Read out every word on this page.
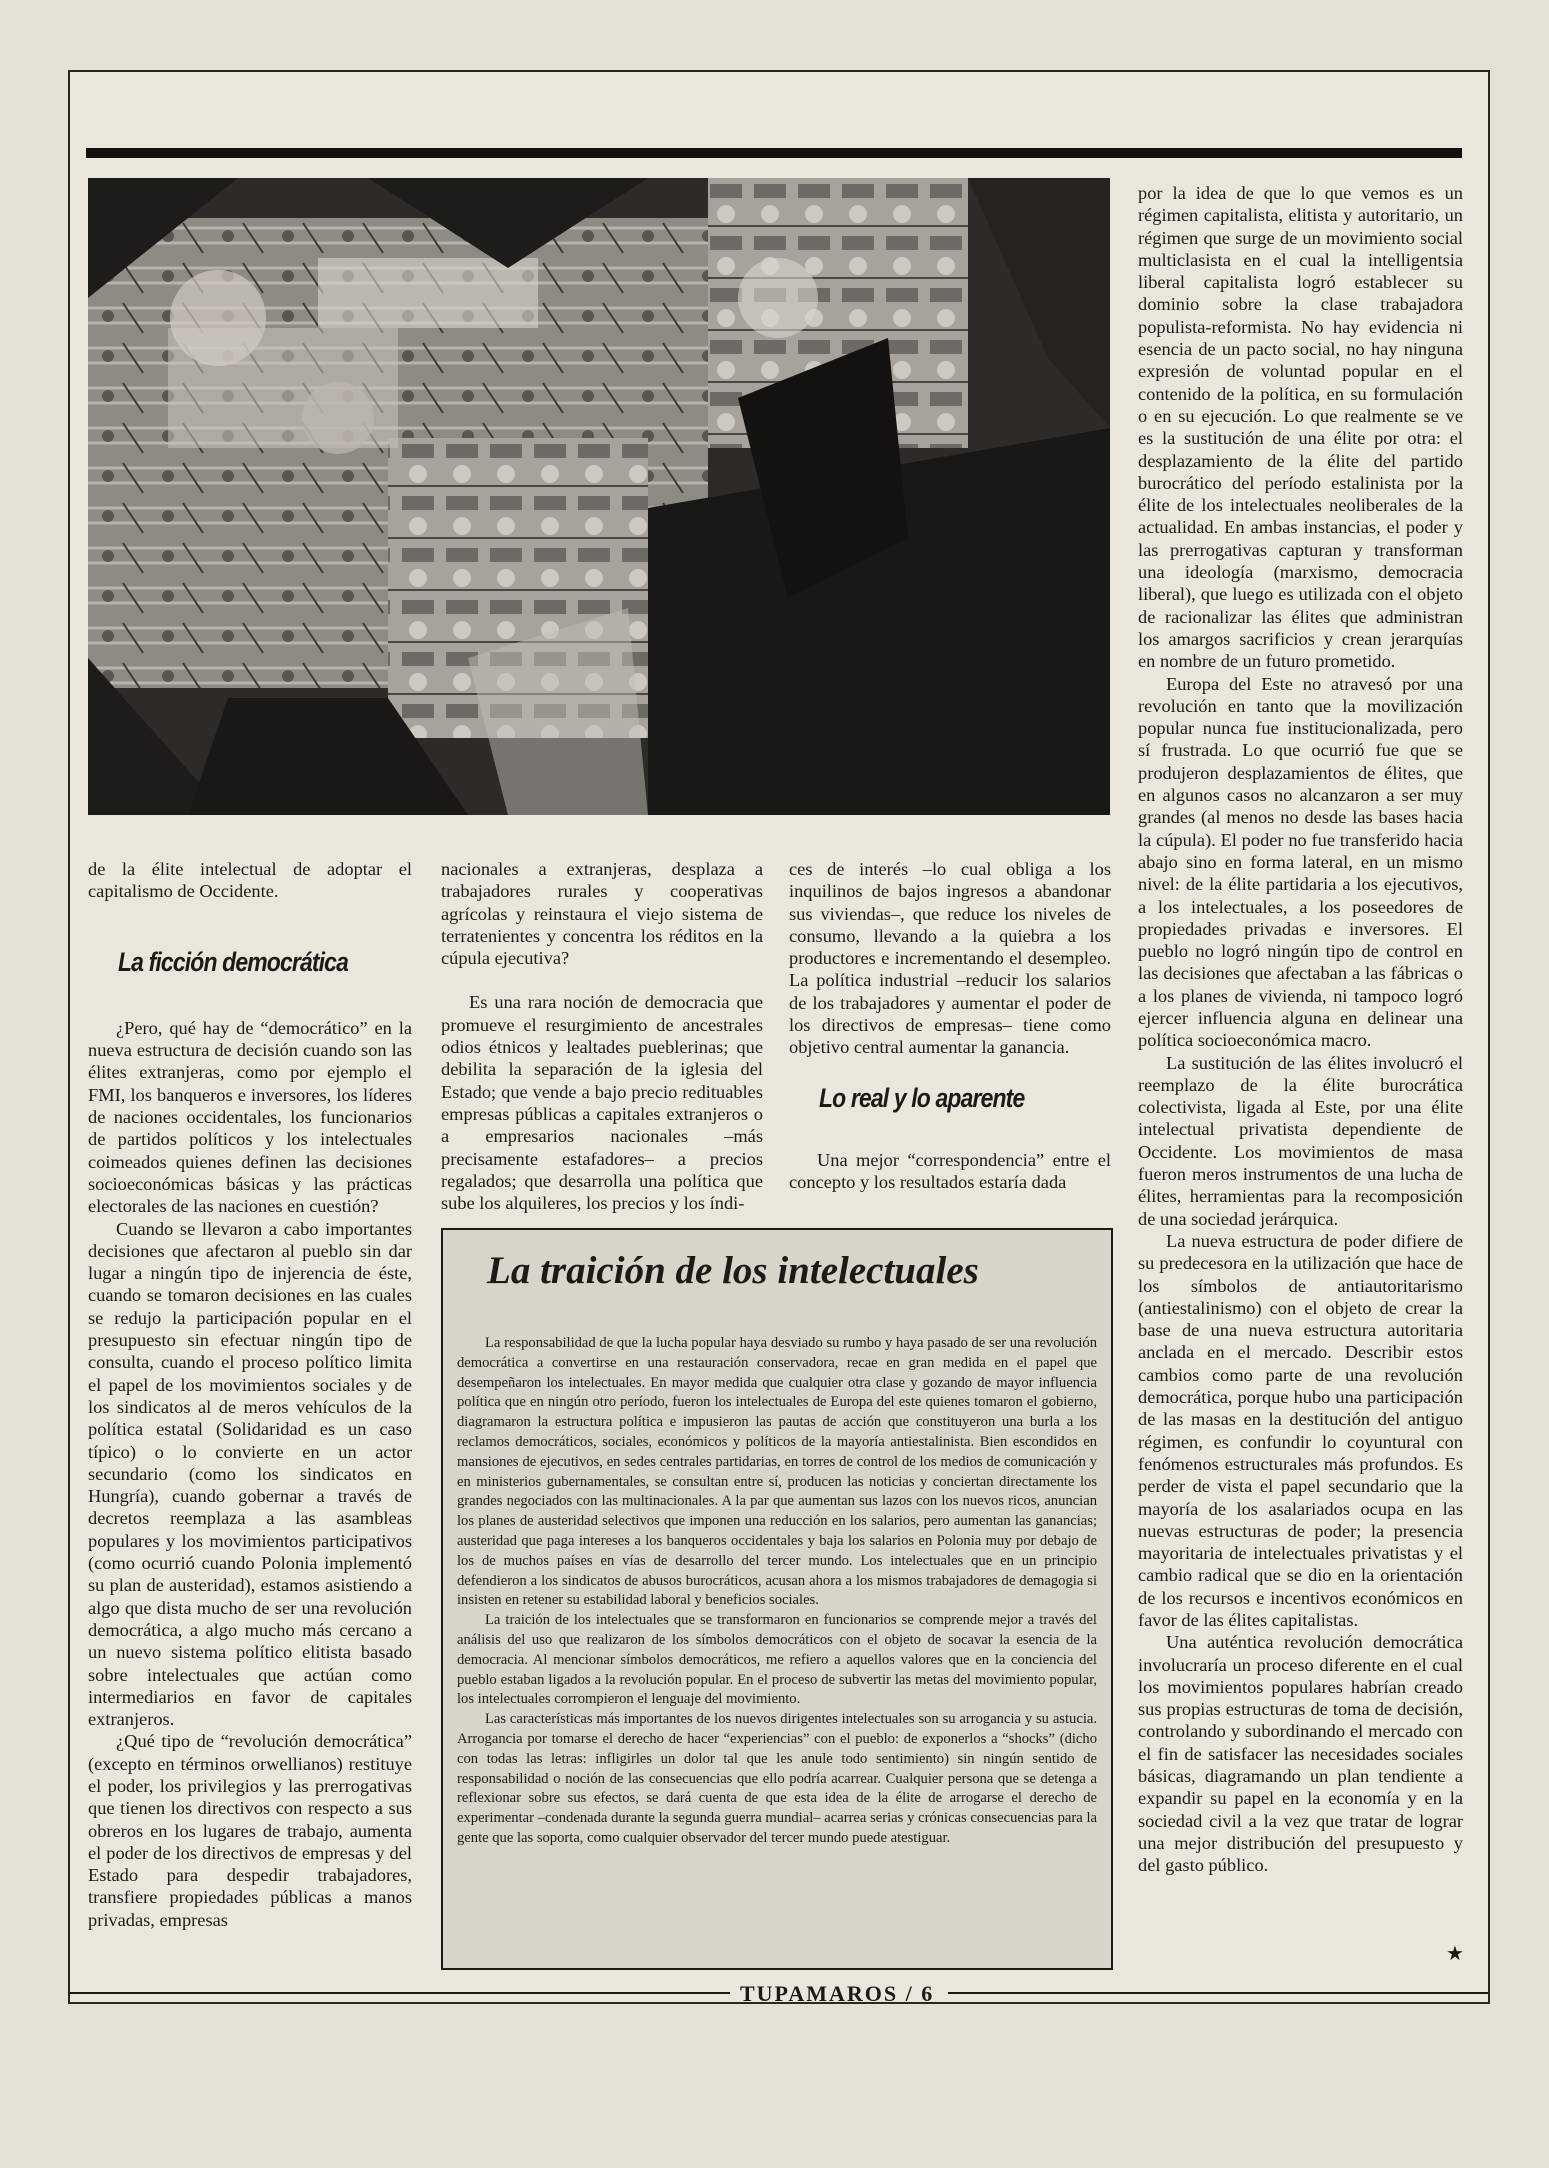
de la élite intelectual de adoptar el capitalismo de Occidente.

La ficción democrática

¿Pero, qué hay de “democrático” en la nueva estructura de decisión cuando son las élites extranjeras, como por ejemplo el FMI, los banqueros e inversores, los líderes de naciones occidentales, los funcionarios de partidos políticos y los intelectuales coimeados quienes definen las decisiones socioeconómicas básicas y las prácticas electorales de las naciones en cuestión?

Cuando se llevaron a cabo importantes decisiones que afectaron al pueblo sin dar lugar a ningún tipo de injerencia de éste, cuando se tomaron decisiones en las cuales se redujo la participación popular en el presupuesto sin efectuar ningún tipo de consulta, cuando el proceso político limita el papel de los movimientos sociales y de los sindicatos al de meros vehículos de la política estatal (Solidaridad es un caso típico) o lo convierte en un actor secundario (como los sindicatos en Hungría), cuando gobernar a través de decretos reemplaza a las asambleas populares y los movimientos participativos (como ocurrió cuando Polonia implementó su plan de austeridad), estamos asistiendo a algo que dista mucho de ser una revolución democrática, a algo mucho más cercano a un nuevo sistema político elitista basado sobre intelectuales que actúan como intermediarios en favor de capitales extranjeros.

¿Qué tipo de “revolución democrática” (excepto en términos orwellianos) restituye el poder, los privilegios y las prerrogativas que tienen los directivos con respecto a sus obreros en los lugares de trabajo, aumenta el poder de los directivos de empresas y del Estado para despedir trabajadores, transfiere propiedades públicas a manos privadas, empresas

nacionales a extranjeras, desplaza a trabajadores rurales y cooperativas agrícolas y reinstaura el viejo sistema de terratenientes y concentra los réditos en la cúpula ejecutiva?

Es una rara noción de democracia que promueve el resurgimiento de ancestrales odios étnicos y lealtades pueblerinas; que debilita la separación de la iglesia del Estado; que vende a bajo precio redituables empresas públicas a capitales extranjeros o a empresarios nacionales –más precisamente estafadores– a precios regalados; que desarrolla una política que sube los alquileres, los precios y los índi-

ces de interés –lo cual obliga a los inquilinos de bajos ingresos a abandonar sus viviendas–, que reduce los niveles de consumo, llevando a la quiebra a los productores e incrementando el desempleo. La política industrial –reducir los salarios de los trabajadores y aumentar el poder de los directivos de empresas– tiene como objetivo central aumentar la ganancia.

Lo real y lo aparente

Una mejor “correspondencia” entre el concepto y los resultados estaría dada

por la idea de que lo que vemos es un régimen capitalista, elitista y autoritario, un régimen que surge de un movimiento social multiclasista en el cual la intelligentsia liberal capitalista logró establecer su dominio sobre la clase trabajadora populista-reformista. No hay evidencia ni esencia de un pacto social, no hay ninguna expresión de voluntad popular en el contenido de la política, en su formulación o en su ejecución. Lo que realmente se ve es la sustitución de una élite por otra: el desplazamiento de la élite del partido burocrático del período estalinista por la élite de los intelectuales neoliberales de la actualidad. En ambas instancias, el poder y las prerrogativas capturan y transforman una ideología (marxismo, democracia liberal), que luego es utilizada con el objeto de racionalizar las élites que administran los amargos sacrificios y crean jerarquías en nombre de un futuro prometido.

Europa del Este no atravesó por una revolución en tanto que la movilización popular nunca fue institucionalizada, pero sí frustrada. Lo que ocurrió fue que se produjeron desplazamientos de élites, que en algunos casos no alcanzaron a ser muy grandes (al menos no desde las bases hacia la cúpula). El poder no fue transferido hacia abajo sino en forma lateral, en un mismo nivel: de la élite partidaria a los ejecutivos, a los intelectuales, a los poseedores de propiedades privadas e inversores. El pueblo no logró ningún tipo de control en las decisiones que afectaban a las fábricas o a los planes de vivienda, ni tampoco logró ejercer influencia alguna en delinear una política socioeconómica macro.

La sustitución de las élites involucró el reemplazo de la élite burocrática colectivista, ligada al Este, por una élite intelectual privatista dependiente de Occidente. Los movimientos de masa fueron meros instrumentos de una lucha de élites, herramientas para la recomposición de una sociedad jerárquica.

La nueva estructura de poder difiere de su predecesora en la utilización que hace de los símbolos de antiautoritarismo (antiestalinismo) con el objeto de crear la base de una nueva estructura autoritaria anclada en el mercado. Describir estos cambios como parte de una revolución democrática, porque hubo una participación de las masas en la destitución del antiguo régimen, es confundir lo coyuntural con fenómenos estructurales más profundos. Es perder de vista el papel secundario que la mayoría de los asalariados ocupa en las nuevas estructuras de poder; la presencia mayoritaria de intelectuales privatistas y el cambio radical que se dio en la orientación de los recursos e incentivos económicos en favor de las élites capitalistas.

Una auténtica revolución democrática involucraría un proceso diferente en el cual los movimientos populares habrían creado sus propias estructuras de toma de decisión, controlando y subordinando el mercado con el fin de satisfacer las necesidades sociales básicas, diagramando un plan tendiente a expandir su papel en la economía y en la sociedad civil a la vez que tratar de lograr una mejor distribución del presupuesto y del gasto público.

★
La traición de los intelectuales

La responsabilidad de que la lucha popular haya desviado su rumbo y haya pasado de ser una revolución democrática a convertirse en una restauración conservadora, recae en gran medida en el papel que desempeñaron los intelectuales. En mayor medida que cualquier otra clase y gozando de mayor influencia política que en ningún otro período, fueron los intelectuales de Europa del este quienes tomaron el gobierno, diagramaron la estructura política e impusieron las pautas de acción que constituyeron una burla a los reclamos democráticos, sociales, económicos y políticos de la mayoría antiestalinista. Bien escondidos en mansiones de ejecutivos, en sedes centrales partidarias, en torres de control de los medios de comunicación y en ministerios gubernamentales, se consultan entre sí, producen las noticias y conciertan directamente los grandes negociados con las multinacionales. A la par que aumentan sus lazos con los nuevos ricos, anuncian los planes de austeridad selectivos que imponen una reducción en los salarios, pero aumentan las ganancias; austeridad que paga intereses a los banqueros occidentales y baja los salarios en Polonia muy por debajo de los de muchos países en vías de desarrollo del tercer mundo. Los intelectuales que en un principio defendieron a los sindicatos de abusos burocráticos, acusan ahora a los mismos trabajadores de demagogia si insisten en retener su estabilidad laboral y beneficios sociales.

La traición de los intelectuales que se transformaron en funcionarios se comprende mejor a través del análisis del uso que realizaron de los símbolos democráticos con el objeto de socavar la esencia de la democracia. Al mencionar símbolos democráticos, me refiero a aquellos valores que en la conciencia del pueblo estaban ligados a la revolución popular. En el proceso de subvertir las metas del movimiento popular, los intelectuales corrompieron el lenguaje del movimiento.

Las características más importantes de los nuevos dirigentes intelectuales son su arrogancia y su astucia. Arrogancia por tomarse el derecho de hacer “experiencias” con el pueblo: de exponerlos a “shocks” (dicho con todas las letras: infligirles un dolor tal que les anule todo sentimiento) sin ningún sentido de responsabilidad o noción de las consecuencias que ello podría acarrear. Cualquier persona que se detenga a reflexionar sobre sus efectos, se dará cuenta de que esta idea de la élite de arrogarse el derecho de experimentar –condenada durante la segunda guerra mundial– acarrea serias y crónicas consecuencias para la gente que las soporta, como cualquier observador del tercer mundo puede atestiguar.

TUPAMAROS / 6
